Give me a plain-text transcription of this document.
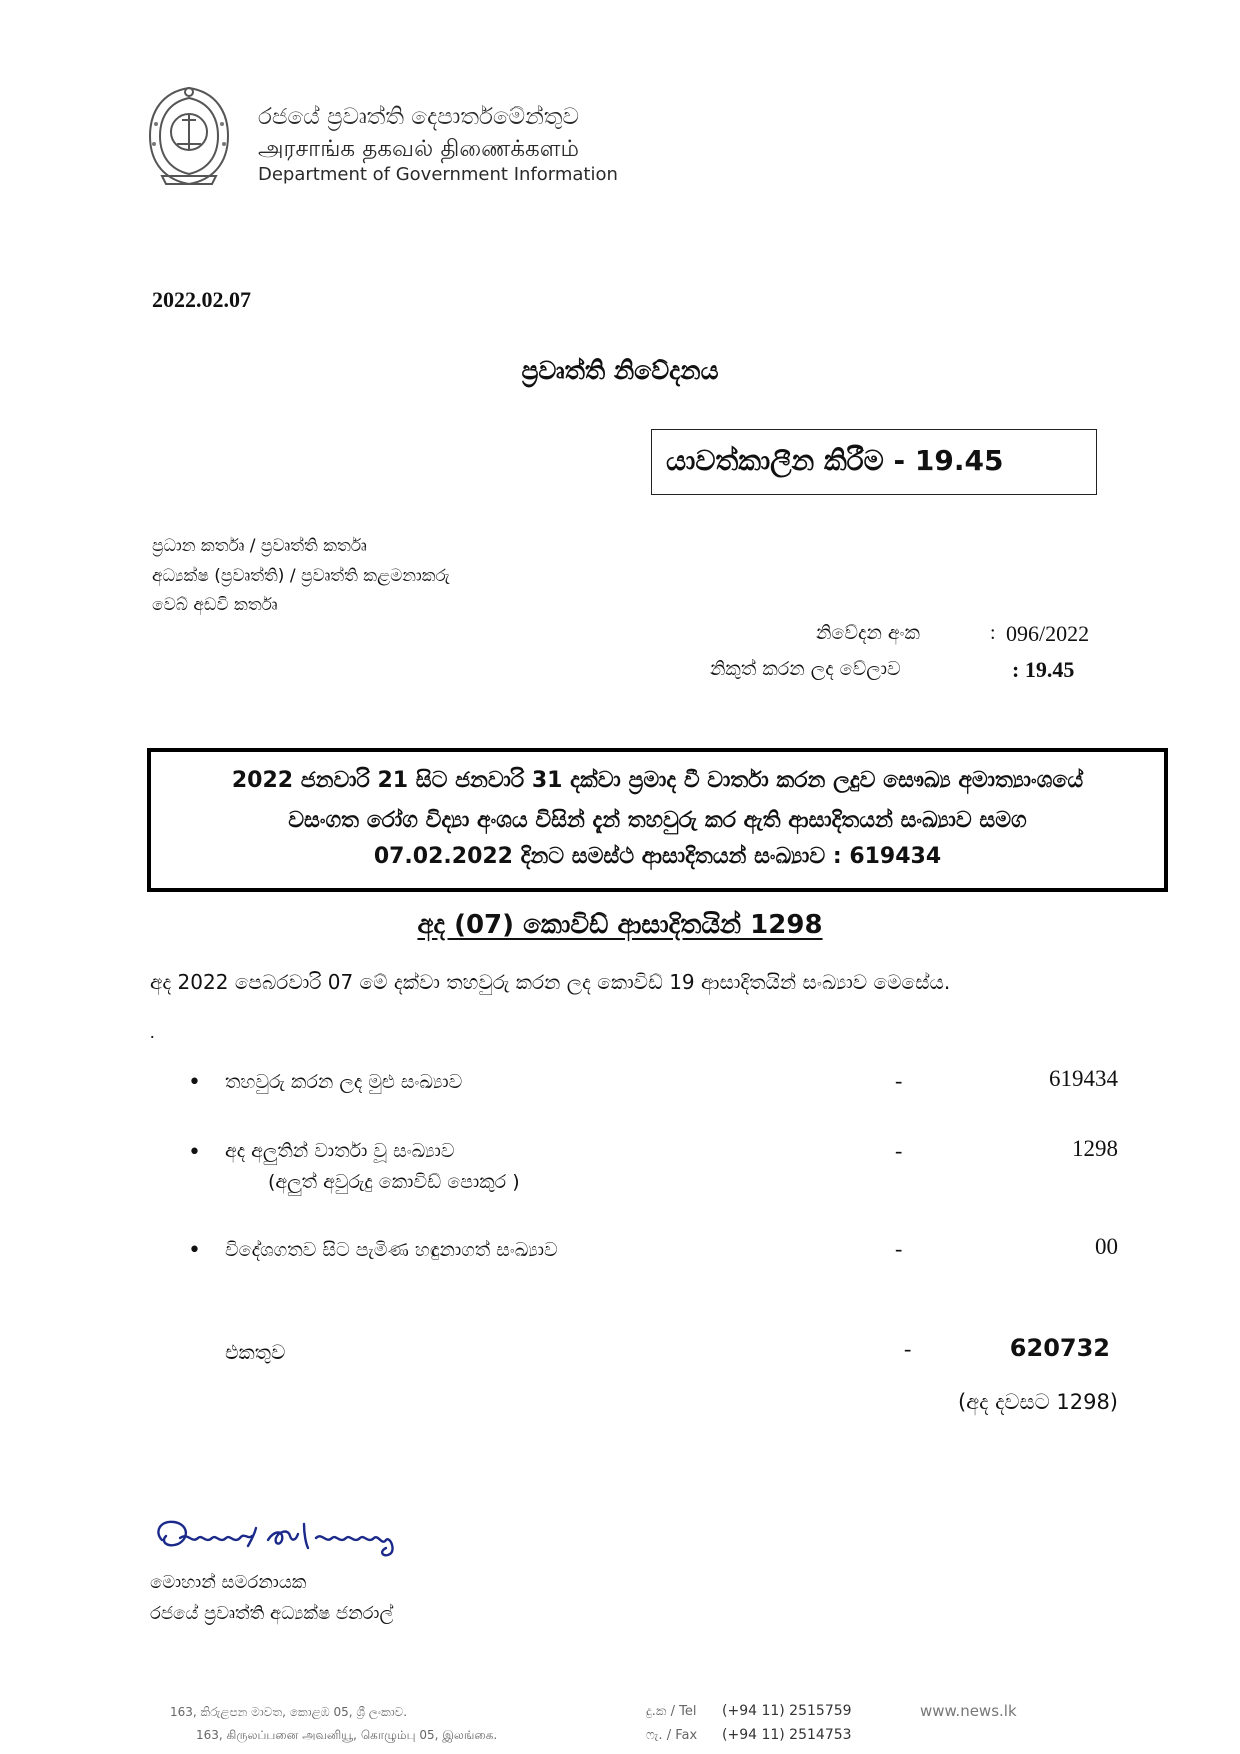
රජයේ ප්‍රවෘත්ති දෙපාර්තමේන්තුව
அரசாங்க தகவல் திணைக்களம்
Department of Government Information
2022.02.07
ප්‍රවෘත්ති නිවේදනය
යාවත්කාලීන කිරීම - 19.45
ප්‍රධාන කර්තෘ / ප්‍රවෘත්ති කර්තෘ
අධ්‍යක්ෂ (ප්‍රවෘත්ති) / ප්‍රවෘත්ති කළමනාකරු
වෙබ් අඩවි කර්තෘ
නිවේදන අංක	: 096/2022
නිකුත් කරන ලද වේලාව	: 19.45
2022 ජනවාරි 21 සිට ජනවාරි 31 දක්වා ප්‍රමාද වී වාර්තා කරන ලදුව සෞඛ්‍ය අමාත්‍යාංශයේ
වසංගත රෝග විද්‍යා අංශය විසින් දැන් තහවුරු කර ඇති ආසාදිතයන් සංඛ්‍යාව සමග
07.02.2022 දිනට සමස්ථ ආසාදිතයන් සංඛ්‍යාව : 619434
අද (07) කොවිඩ් ආසාදිතයින් 1298
අද 2022 පෙබරවාරි 07 මේ දක්වා තහවුරු කරන ලද කොවිඩ් 19 ආසාදිතයින් සංඛ්‍යාව මෙසේය.
.
• තහවුරු කරන ලද මුළු සංඛ්‍යාව	-	619434
• අද අලුතින් වාර්තා වූ සංඛ්‍යාව
(අලුත් අවුරුදු කොවිඩ් පොකුර )
-	1298
• විදේශගතව සිට පැමිණ හඳුනාගත් සංඛ්‍යාව	-	00
එකතුව	-	620732
(අද දවසට 1298)
මොහාන් සමරනායක
රජයේ ප්‍රවෘත්ති අධ්‍යක්ෂ ජනරාල්
163, කිරුළපන මාවත, කොළඹ 05, ශ්‍රී ලංකාව.
163, கிருலப்பனை அவனியூ, கொழும்பு 05, இலங்கை.
දු.ක / Tel (+94 11) 2515759
ෆැ. / Fax (+94 11) 2514753
www.news.lk
